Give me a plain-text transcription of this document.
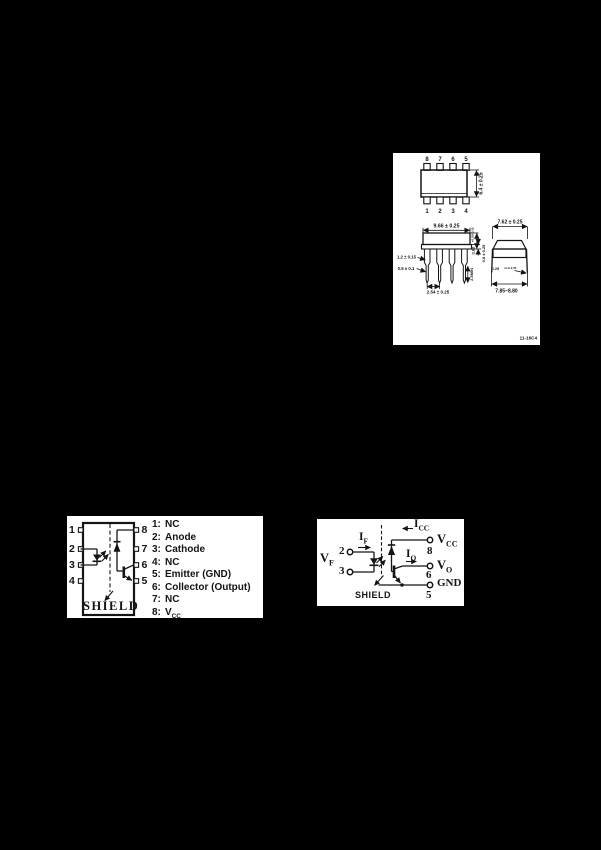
8 7 6 5
1 2 3 4
6.4 ± 0.25
9.66 ± 0.25
3.62 +0.25/-0.15
0.8 ± 0.25
2.5MIN
1.2 ± 0.15
0.5 ± 0.1
2.54 ± 0.25
7.62 ± 0.25
0.25 +0.1/-0.05
7.85~8.80
11-16C4
1
2
3
4
8
7
6
5
SHIELD
1: NC
2: Anode
3: Cathode
4: NC
5: Emitter (GND)
6: Collector (Output)
7: NC
8: $V_{CC}$
$V_F$
2
3
$I_F$
$I_{CC}$
$V_{CC}$
8
$I_O$
$V_O$
6
GND
5
SHIELD
